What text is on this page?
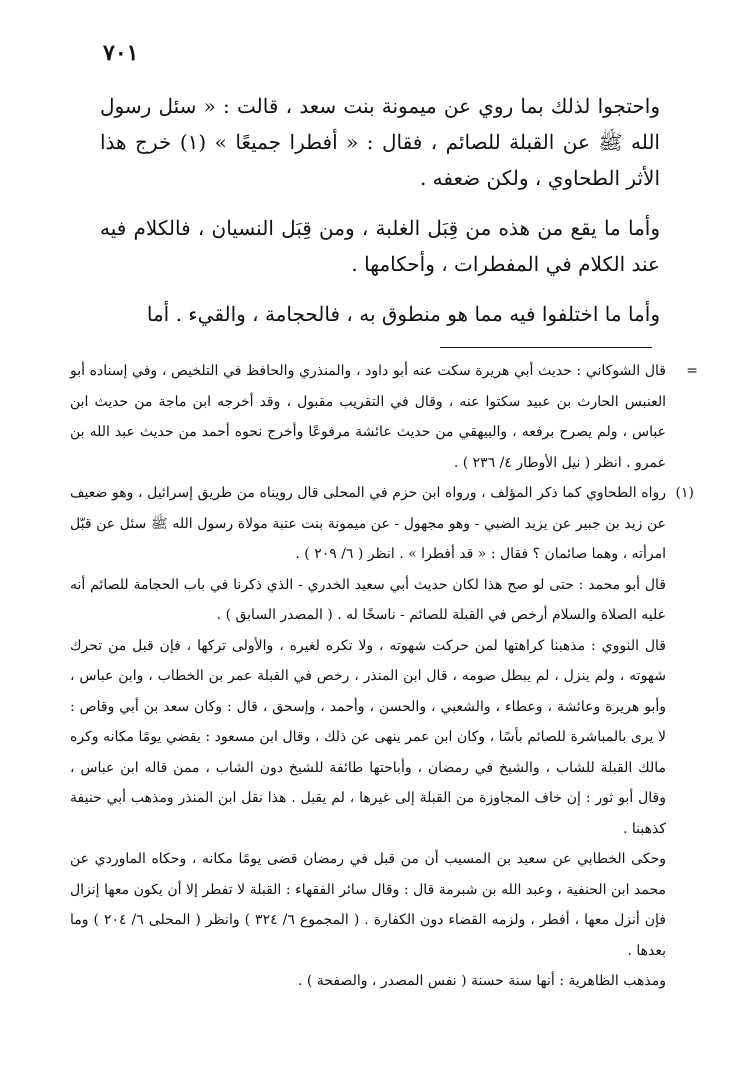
٧٠١

واحتجوا لذلك بما روي عن ميمونة بنت سعد ، قالت : « سئل رسول الله ﷺ عن القبلة للصائم ، فقال : « أفطرا جميعًا » (١) خرج هذا الأثر الطحاوي ، ولكن ضعفه .

وأما ما يقع من هذه من قِبَل الغلبة ، ومن قِبَل النسيان ، فالكلام فيه عند الكلام في المفطرات ، وأحكامها .

وأما ما اختلفوا فيه مما هو منطوق به ، فالحجامة ، والقيء . أما

=
قال الشوكاني : حديث أبي هريرة سكت عنه أبو داود ، والمنذري والحافظ في التلخيص ، وفي إسناده أبو العنبس الحارث بن عبيد سكتوا عنه ، وقال في التقريب مقبول ، وقد أخرجه ابن ماجة من حديث ابن عباس ، ولم يصرح برفعه ، والبيهقي من حديث عائشة مرفوعًا وأخرج نحوه أحمد من حديث عبد الله بن عمرو . انظر ( نيل الأوطار ٤/ ٢٣٦ ) .

(١)
رواه الطحاوي كما ذكر المؤلف ، ورواه ابن حزم في المحلى قال رويناه من طريق إسرائيل ، وهو ضعيف عن زيد بن جبير عن يزيد الضبي - وهو مجهول - عن ميمونة بنت عتبة مولاة رسول الله ﷺ سئل عن قبّل امرأته ، وهما صائمان ؟ فقال : « قد أفطرا » . انظر ( ٦/ ٢٠٩ ) .

قال أبو محمد : حتى لو صح هذا لكان حديث أبي سعيد الخدري - الذي ذكرنا في باب الحجامة للصائم أنه عليه الصلاة والسلام أرخص في القبلة للصائم - ناسخًا له . ( المصدر السابق ) .

قال النووي : مذهبنا كراهتها لمن حركت شهوته ، ولا تكره لغيره ، والأولى تركها ، فإن قبل من تحرك شهوته ، ولم ينزل ، لم يبطل صومه ، قال ابن المنذر ، رخص في القبلة عمر بن الخطاب ، وابن عباس ، وأبو هريرة وعائشة ، وعطاء ، والشعبي ، والحسن ، وأحمد ، وإسحق ، قال : وكان سعد بن أبي وقاص : لا يرى بالمباشرة للصائم بأسًا ، وكان ابن عمر ينهى عن ذلك ، وقال ابن مسعود : يقضي يومًا مكانه وكره مالك القبلة للشاب ، والشيخ في رمضان ، وأباحتها طائفة للشيخ دون الشاب ، ممن قاله ابن عباس ، وقال أبو ثور : إن خاف المجاوزة من القبلة إلى غيرها ، لم يقبل . هذا نقل ابن المنذر ومذهب أبي حنيفة كذهبنا .

وحكى الخطابي عن سعيد بن المسيب أن من قبل في رمضان قضى يومًا مكانه ، وحكاه الماوردي عن محمد ابن الحنفية ، وعبد الله بن شبرمة قال : وقال سائر الفقهاء : القبلة لا تفطر إلا أن يكون معها إنزال فإن أنزل معها ، أفطر ، ولزمه القضاء دون الكفارة . ( المجموع ٦/ ٣٢٤ ) وانظر ( المحلى ٦/ ٢٠٤ ) وما بعدها .

ومذهب الظاهرية : أنها سنة حسنة ( نفس المصدر ، والصفحة ) .
